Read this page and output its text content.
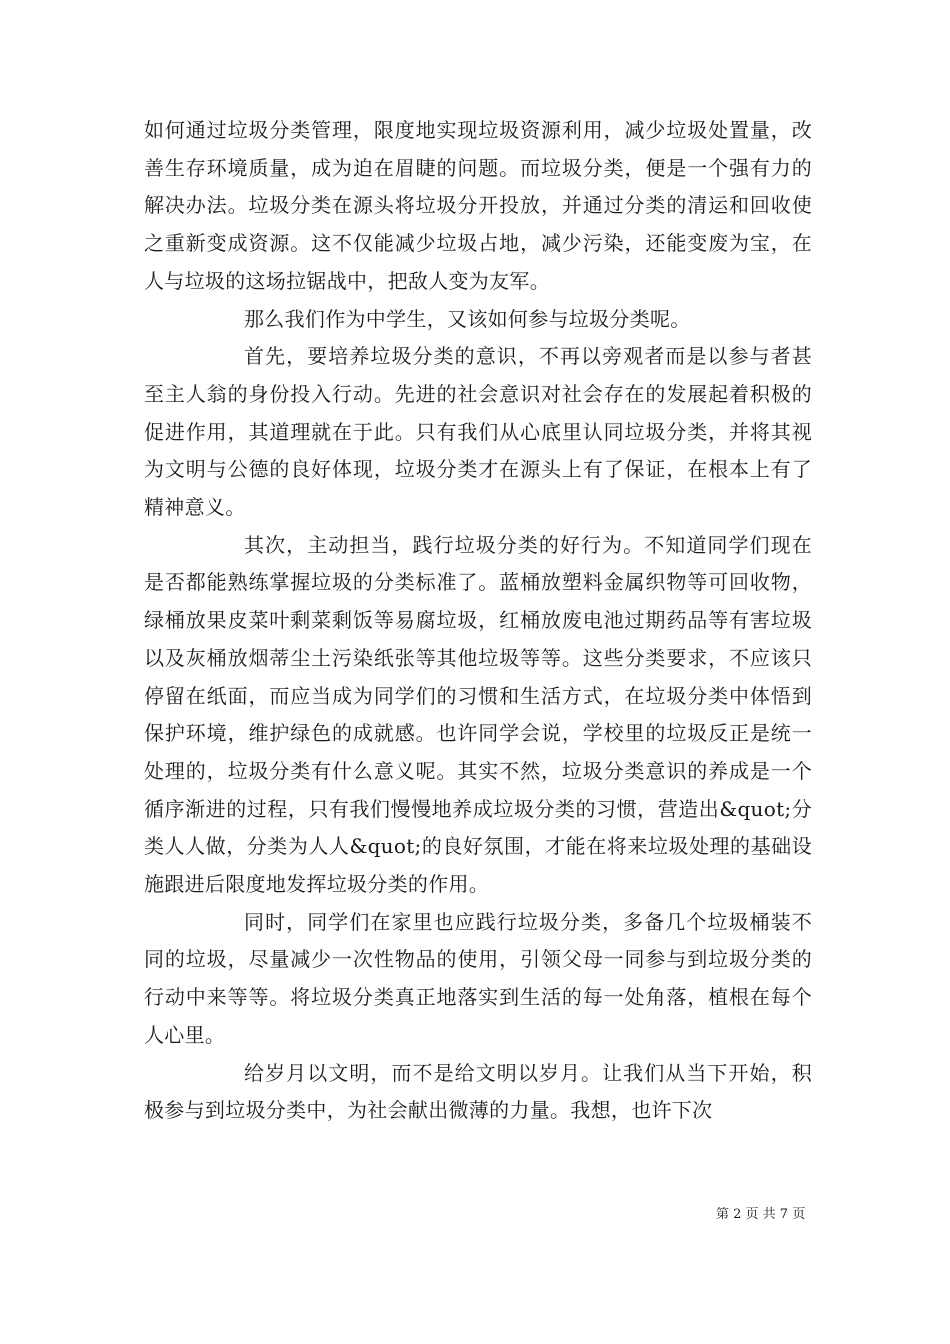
如何通过垃圾分类管理，限度地实现垃圾资源利用，减少垃圾处置量，改善生存环境质量，成为迫在眉睫的问题。而垃圾分类，便是一个强有力的解决办法。垃圾分类在源头将垃圾分开投放，并通过分类的清运和回收使之重新变成资源。这不仅能减少垃圾占地，减少污染，还能变废为宝，在人与垃圾的这场拉锯战中，把敌人变为友军。

那么我们作为中学生，又该如何参与垃圾分类呢。

首先，要培养垃圾分类的意识，不再以旁观者而是以参与者甚至主人翁的身份投入行动。先进的社会意识对社会存在的发展起着积极的促进作用，其道理就在于此。只有我们从心底里认同垃圾分类，并将其视为文明与公德的良好体现，垃圾分类才在源头上有了保证，在根本上有了精神意义。

其次，主动担当，践行垃圾分类的好行为。不知道同学们现在是否都能熟练掌握垃圾的分类标准了。蓝桶放塑料金属织物等可回收物，绿桶放果皮菜叶剩菜剩饭等易腐垃圾，红桶放废电池过期药品等有害垃圾以及灰桶放烟蒂尘土污染纸张等其他垃圾等等。这些分类要求，不应该只停留在纸面，而应当成为同学们的习惯和生活方式，在垃圾分类中体悟到保护环境，维护绿色的成就感。也许同学会说，学校里的垃圾反正是统一处理的，垃圾分类有什么意义呢。其实不然，垃圾分类意识的养成是一个循序渐进的过程，只有我们慢慢地养成垃圾分类的习惯，营造出&quot;分类人人做，分类为人人&quot;的良好氛围，才能在将来垃圾处理的基础设施跟进后限度地发挥垃圾分类的作用。

同时，同学们在家里也应践行垃圾分类，多备几个垃圾桶装不同的垃圾，尽量减少一次性物品的使用，引领父母一同参与到垃圾分类的行动中来等等。将垃圾分类真正地落实到生活的每一处角落，植根在每个人心里。

给岁月以文明，而不是给文明以岁月。让我们从当下开始，积极参与到垃圾分类中，为社会献出微薄的力量。我想，也许下次

第 2 页 共 7 页
